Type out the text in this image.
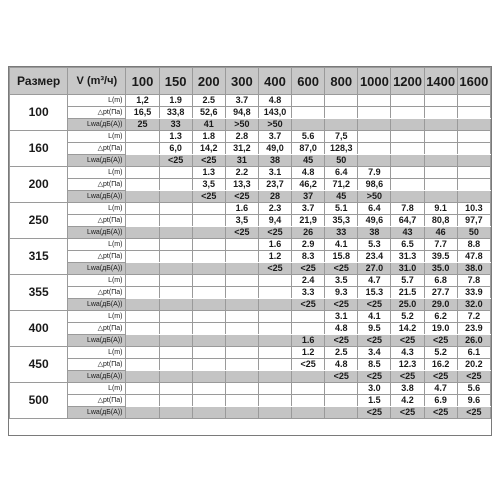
Размер	V (m³/ч)	100	150	200	300	400	600	800	1000	1200	1400	1600
100	L(m)	1,2	1.9	2.5	3.7	4.8						
	△pt(Па)	16,5	33,8	52,6	94,8	143,0						
	Lwa(дБ(А))	25	33	41	>50	>50						
160	L(m)		1.3	1.8	2.8	3.7	5.6	7,5				
	△pt(Па)		6,0	14,2	31,2	49,0	87,0	128,3				
	Lwa(дБ(А))		<25	<25	31	38	45	50				
200	L(m)			1.3	2.2	3.1	4.8	6.4	7.9			
	△pt(Па)			3,5	13,3	23,7	46,2	71,2	98,6			
	Lwa(дБ(А))			<25	<25	28	37	45	>50			
250	L(m)				1.6	2.3	3.7	5.1	6.4	7.8	9.1	10.3
	△pt(Па)				3,5	9,4	21,9	35,3	49,6	64,7	80,8	97,7
	Lwa(дБ(А))				<25	<25	26	33	38	43	46	50
315	L(m)					1.6	2.9	4.1	5.3	6.5	7.7	8.8
	△pt(Па)					1.2	8.3	15.8	23.4	31.3	39.5	47.8
	Lwa(дБ(А))					<25	<25	<25	27.0	31.0	35.0	38.0
355	L(m)						2.4	3.5	4.7	5.7	6.8	7.8
	△pt(Па)						3.3	9.3	15.3	21.5	27.7	33.9
	Lwa(дБ(А))						<25	<25	<25	25.0	29.0	32.0
400	L(m)							3.1	4.1	5.2	6.2	7.2
	△pt(Па)							4.8	9.5	14.2	19.0	23.9
	Lwa(дБ(А))						1.6	<25	<25	<25	<25	26.0
450	L(m)						1.2	2.5	3.4	4.3	5.2	6.1
	△pt(Па)						<25	4.8	8.5	12.3	16.2	20.2
	Lwa(дБ(А))							<25	<25	<25	<25	<25
500	L(m)								3.0	3.8	4.7	5.6
	△pt(Па)								1.5	4.2	6.9	9.6
	Lwa(дБ(А))								<25	<25	<25	<25
